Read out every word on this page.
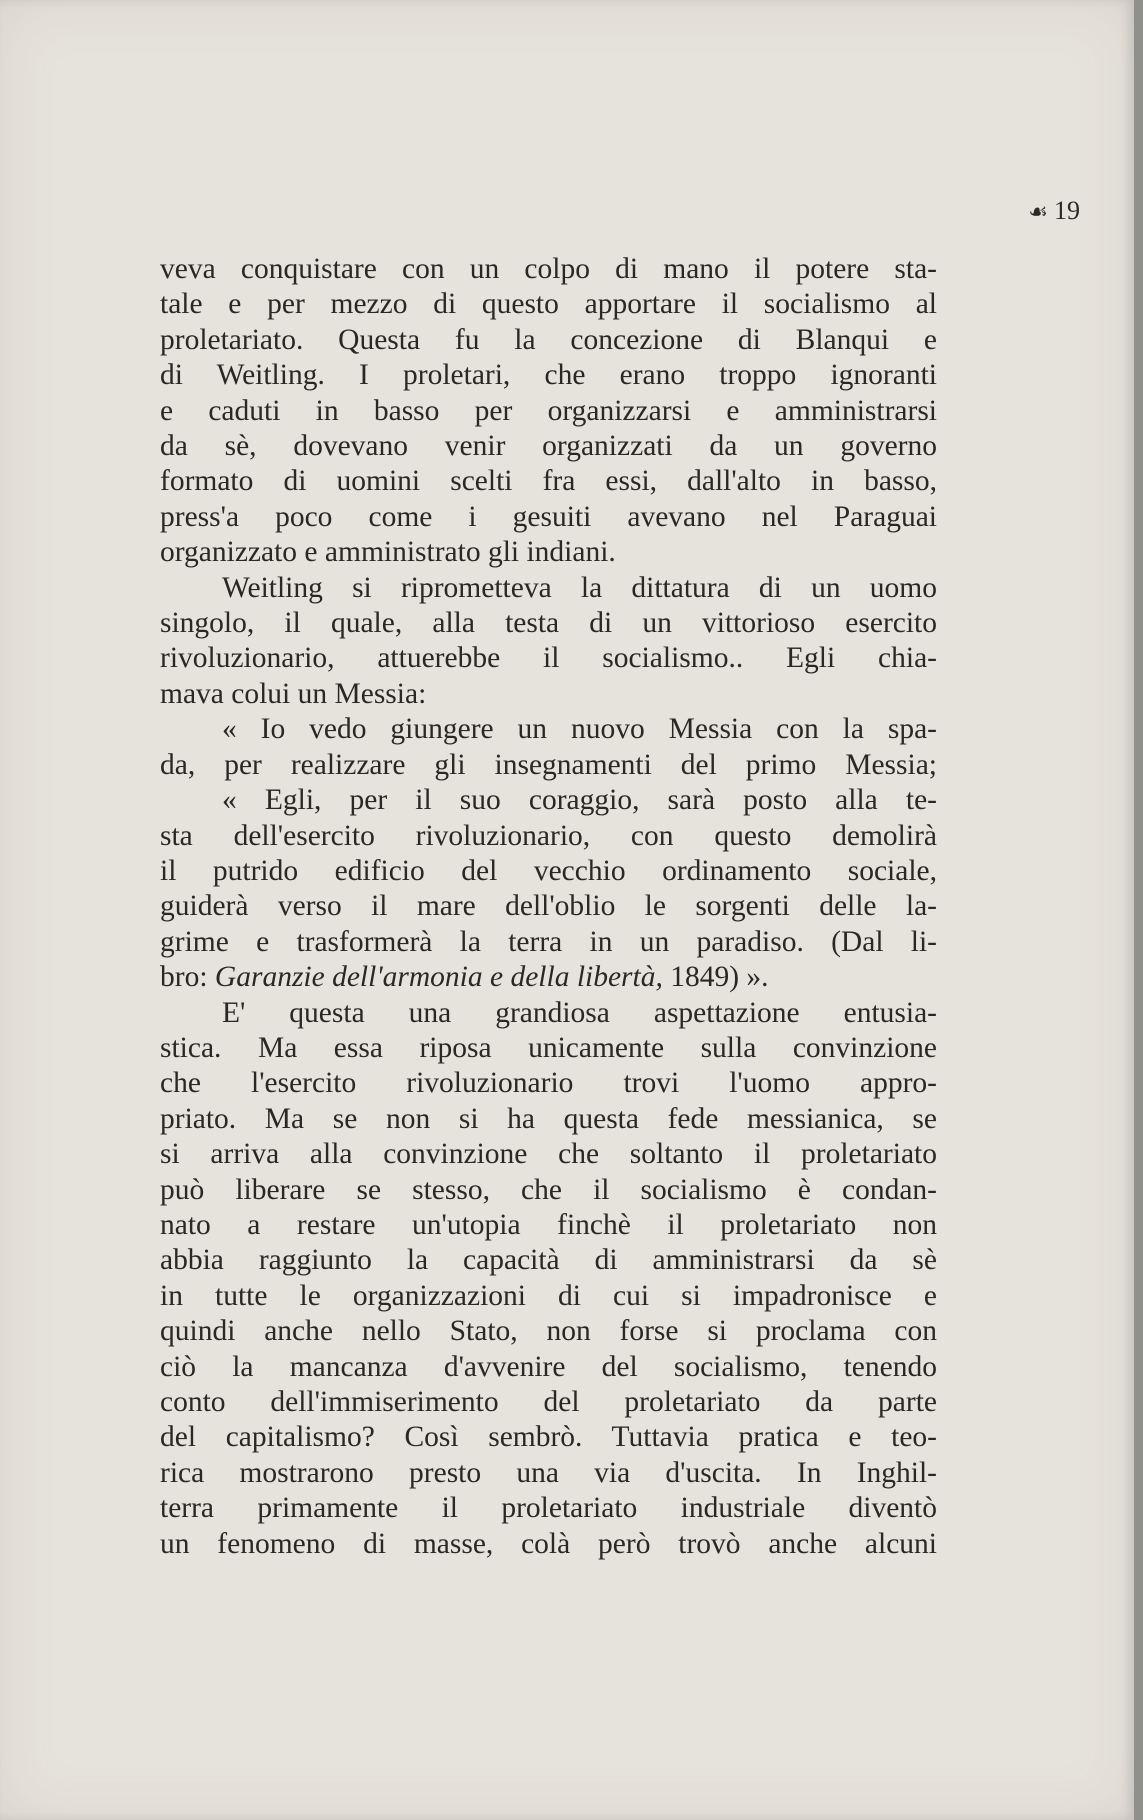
☙ 19
veva conquistare con un colpo di mano il potere sta-
tale e per mezzo di questo apportare il socialismo al
proletariato. Questa fu la concezione di Blanqui e
di Weitling. I proletari, che erano troppo ignoranti
e caduti in basso per organizzarsi e amministrarsi
da sè, dovevano venir organizzati da un governo
formato di uomini scelti fra essi, dall'alto in basso,
press'a poco come i gesuiti avevano nel Paraguai
organizzato e amministrato gli indiani.
Weitling si riprometteva la dittatura di un uomo
singolo, il quale, alla testa di un vittorioso esercito
rivoluzionario, attuerebbe il socialismo.. Egli chia-
mava colui un Messia:
« Io vedo giungere un nuovo Messia con la spa-
da, per realizzare gli insegnamenti del primo Messia;
« Egli, per il suo coraggio, sarà posto alla te-
sta dell'esercito rivoluzionario, con questo demolirà
il putrido edificio del vecchio ordinamento sociale,
guiderà verso il mare dell'oblio le sorgenti delle la-
grime e trasformerà la terra in un paradiso. (Dal li-
bro: Garanzie dell'armonia e della libertà, 1849) ».
E' questa una grandiosa aspettazione entusia-
stica. Ma essa riposa unicamente sulla convinzione
che l'esercito rivoluzionario trovi l'uomo appro-
priato. Ma se non si ha questa fede messianica, se
si arriva alla convinzione che soltanto il proletariato
può liberare se stesso, che il socialismo è condan-
nato a restare un'utopia finchè il proletariato non
abbia raggiunto la capacità di amministrarsi da sè
in tutte le organizzazioni di cui si impadronisce e
quindi anche nello Stato, non forse si proclama con
ciò la mancanza d'avvenire del socialismo, tenendo
conto dell'immiserimento del proletariato da parte
del capitalismo? Così sembrò. Tuttavia pratica e teo-
rica mostrarono presto una via d'uscita. In Inghil-
terra primamente il proletariato industriale diventò
un fenomeno di masse, colà però trovò anche alcuni
